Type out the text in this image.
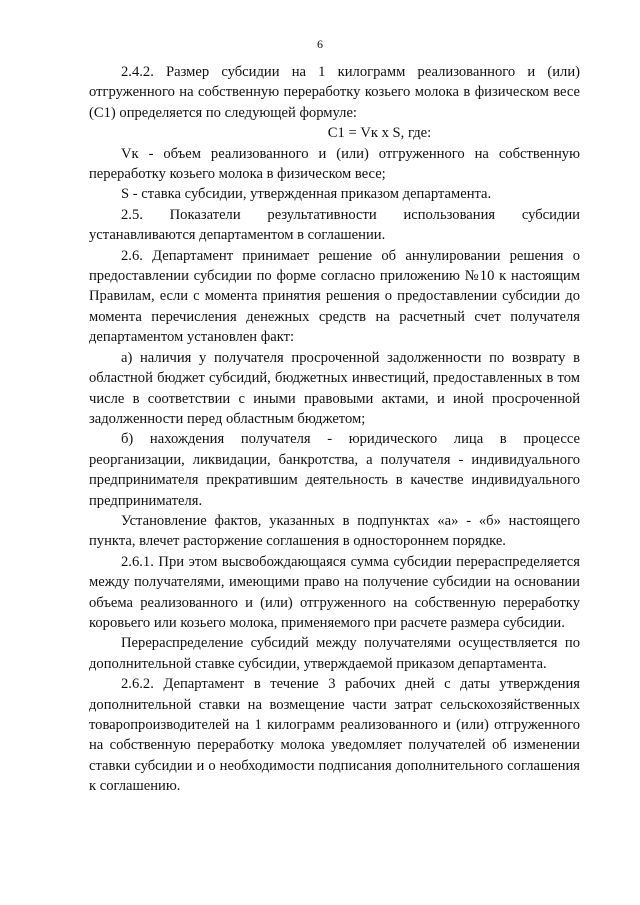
6

2.4.2. Размер субсидии на 1 килограмм реализованного и (или) отгруженного на собственную переработку козьего молока в физическом весе (С1) определяется по следующей формуле:

С1 = Vк x S, где:

Vк - объем реализованного и (или) отгруженного на собственную переработку козьего молока в физическом весе;

S - ставка субсидии, утвержденная приказом департамента.

2.5. Показатели результативности использования субсидии устанавливаются департаментом в соглашении.

2.6. Департамент принимает решение об аннулировании решения о предоставлении субсидии по форме согласно приложению №10 к настоящим Правилам, если с момента принятия решения о предоставлении субсидии до момента перечисления денежных средств на расчетный счет получателя департаментом установлен факт:

а) наличия у получателя просроченной задолженности по возврату в областной бюджет субсидий, бюджетных инвестиций, предоставленных в том числе в соответствии с иными правовыми актами, и иной просроченной задолженности перед областным бюджетом;

б) нахождения получателя - юридического лица в процессе реорганизации, ликвидации, банкротства, а получателя - индивидуального предпринимателя прекратившим деятельность в качестве индивидуального предпринимателя.

Установление фактов, указанных в подпунктах «а» - «б» настоящего пункта, влечет расторжение соглашения в одностороннем порядке.

2.6.1. При этом высвобождающаяся сумма субсидии перераспределяется между получателями, имеющими право на получение субсидии на основании объема реализованного и (или) отгруженного на собственную переработку коровьего или козьего молока, применяемого при расчете размера субсидии.

Перераспределение субсидий между получателями осуществляется по дополнительной ставке субсидии, утверждаемой приказом департамента.

2.6.2. Департамент в течение 3 рабочих дней с даты утверждения дополнительной ставки на возмещение части затрат сельскохозяйственных товаропроизводителей на 1 килограмм реализованного и (или) отгруженного на собственную переработку молока уведомляет получателей об изменении ставки субсидии и о необходимости подписания дополнительного соглашения к соглашению.
